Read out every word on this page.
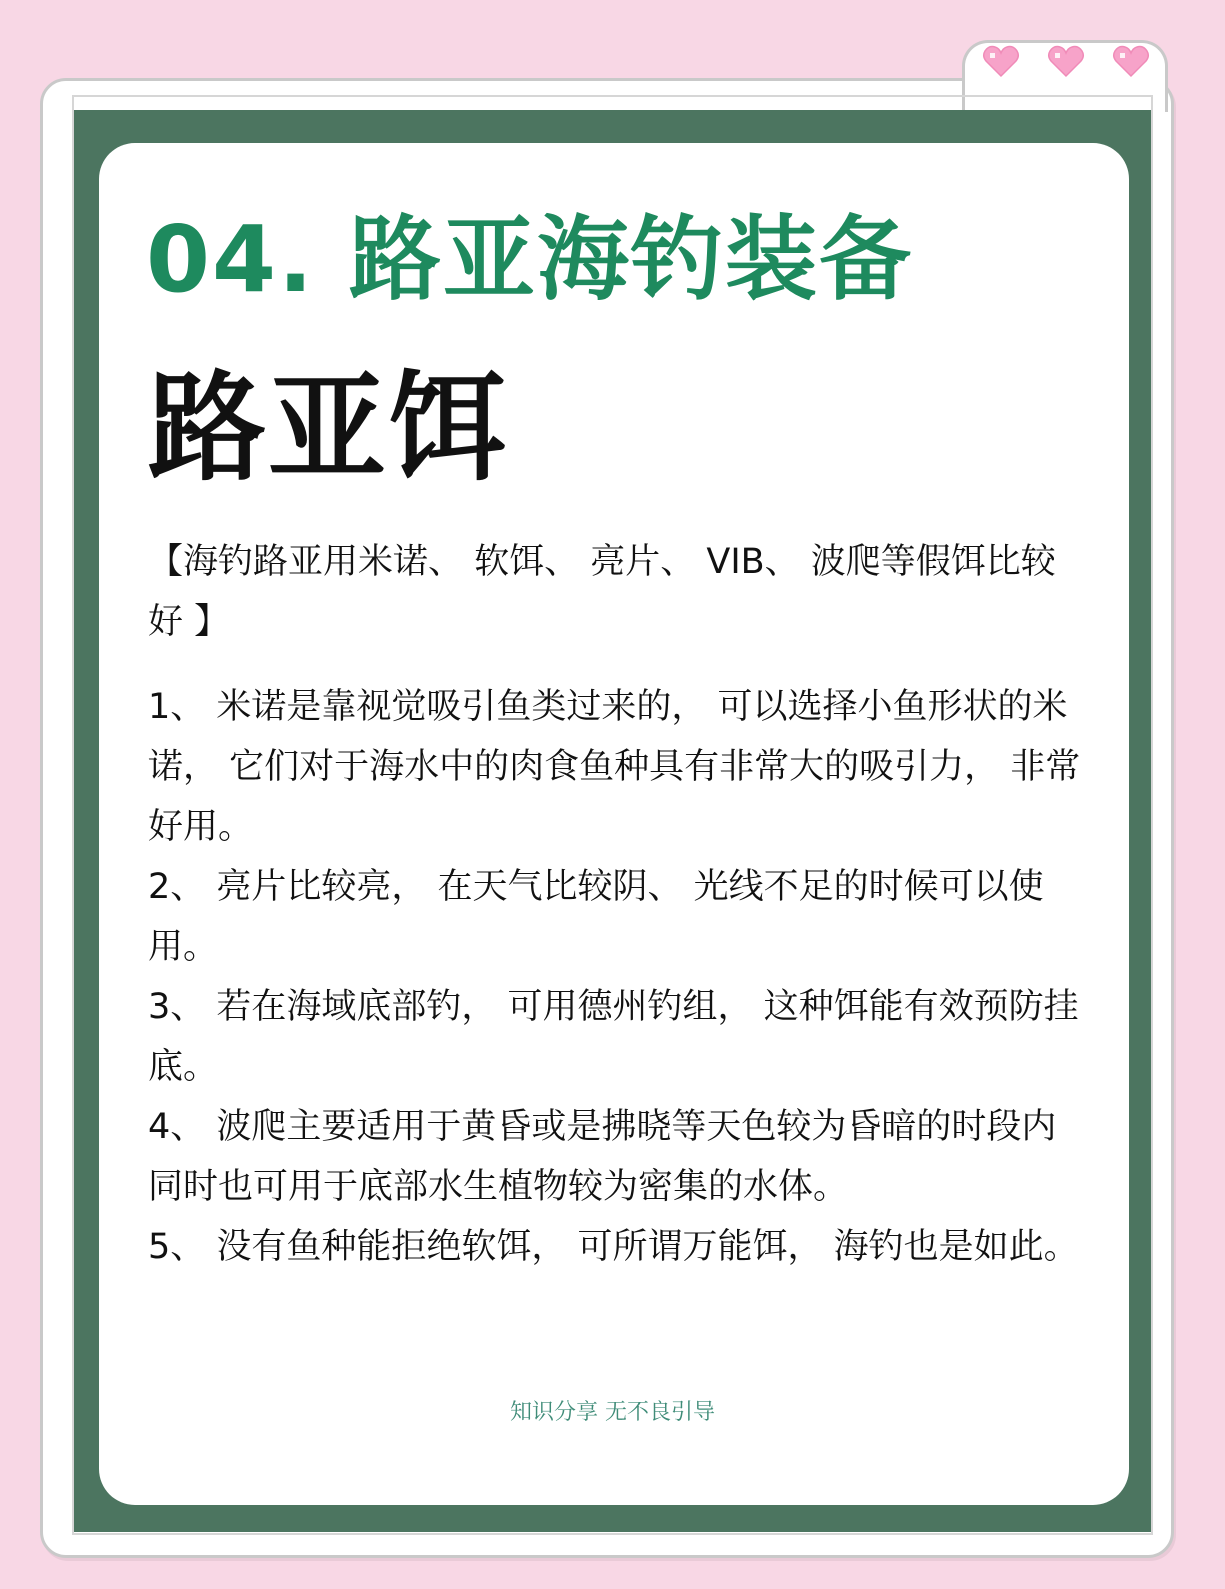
04. 路亚海钓装备
路亚饵

【海钓路亚用米诺、 软饵、 亮片、 VIB、 波爬等假饵比较好 】

1、 米诺是靠视觉吸引鱼类过来的， 可以选择小鱼形状的米诺， 它们对于海水中的肉食鱼种具有非常大的吸引力， 非常好用。

2、 亮片比较亮， 在天气比较阴、 光线不足的时候可以使用。

3、 若在海域底部钓， 可用德州钓组， 这种饵能有效预防挂底。

4、 波爬主要适用于黄昏或是拂晓等天色较为昏暗的时段内同时也可用于底部水生植物较为密集的水体。

5、 没有鱼种能拒绝软饵， 可所谓万能饵， 海钓也是如此。

知识分享 无不良引导
